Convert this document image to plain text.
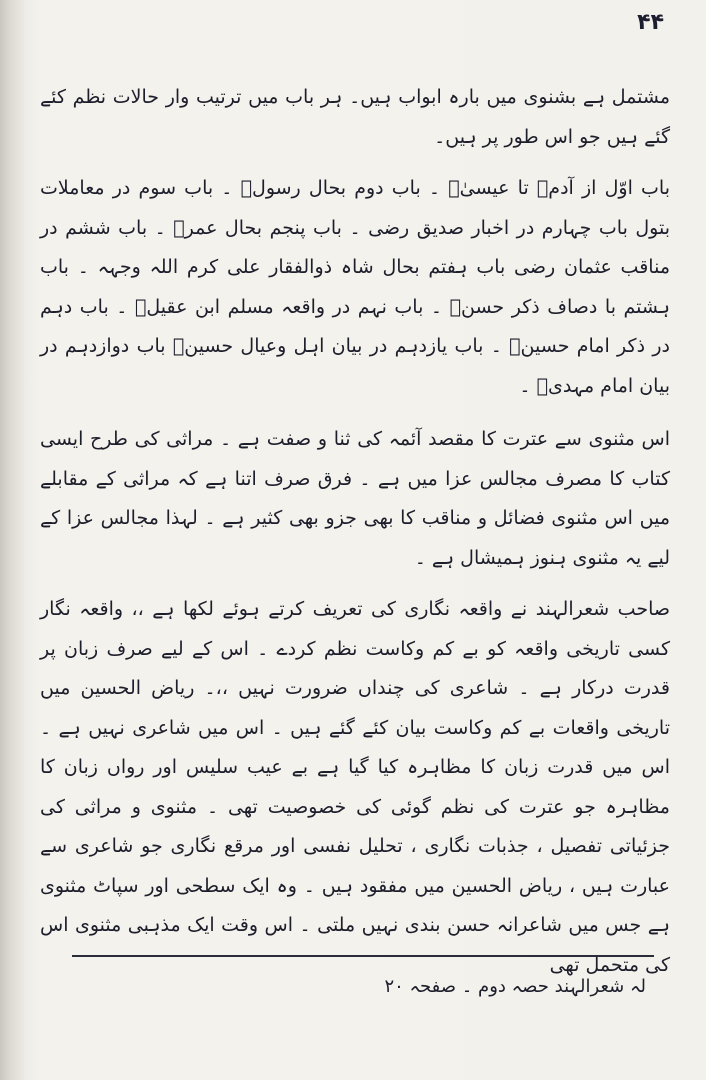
۴۴

مشتمل ہے بشنوی میں بارہ ابواب ہیں۔ ہر باب میں ترتیب وار حالات نظم کئے گئے ہیں جو اس طور پر ہیں۔

باب اوّل از آدمؑ تا عیسیٰؑ ۔ باب دوم بحال رسولؐ ۔ باب سوم در معاملات بتول باب چہارم در اخبار صدیق رضی ۔ باب پنجم بحال عمرؓ ۔ باب ششم در مناقب عثمان رضی باب ہفتم بحال شاہ ذوالفقار علی کرم اللہ وجہہ ۔ باب ہشتم با دصاف ذکر حسنؓ ۔ باب نہم در واقعہ مسلم ابن عقیلؓ ۔ باب دہم در ذکر امام حسینؓ ۔ باب یازدہم در بیان اہل وعیال حسینؓ باب دوازدہم در بیان امام مہدیؑ ۔

اس مثنوی سے عترت کا مقصد آئمہ کی ثنا و صفت ہے ۔ مراثی کی طرح ایسی کتاب کا مصرف مجالس عزا میں ہے ۔ فرق صرف اتنا ہے کہ مراثی کے مقابلے میں اس مثنوی فضائل و مناقب کا بھی جزو بھی کثیر ہے ۔ لہذا مجالس عزا کے لیے یہ مثنوی ہنوز ہمیشال ہے ۔

صاحب شعرالہند نے واقعہ نگاری کی تعریف کرتے ہوئے لکھا ہے ،، واقعہ نگار کسی تاریخی واقعہ کو بے کم وکاست نظم کردے ۔ اس کے لیے صرف زبان پر قدرت درکار ہے ۔ شاعری کی چنداں ضرورت نہیں ،،۔ ریاض الحسین میں تاریخی واقعات بے کم وکاست بیان کئے گئے ہیں ۔ اس میں شاعری نہیں ہے ۔ اس میں قدرت زبان کا مظاہرہ کیا گیا ہے بے عیب سلیس اور رواں زبان کا مظاہرہ جو عترت کی نظم گوئی کی خصوصیت تھی ۔ مثنوی و مراثی کی جزئیاتی تفصیل ، جذبات نگاری ، تحلیل نفسی اور مرقع نگاری جو شاعری سے عبارت ہیں ، ریاض الحسین میں مفقود ہیں ۔ وہ ایک سطحی اور سپاٹ مثنوی ہے جس میں شاعرانہ حسن بندی نہیں ملتی ۔ اس وقت ایک مذہبی مثنوی اس کی متحمل تھی

لہ شعرالہند حصہ دوم ۔ صفحہ ۲۰
